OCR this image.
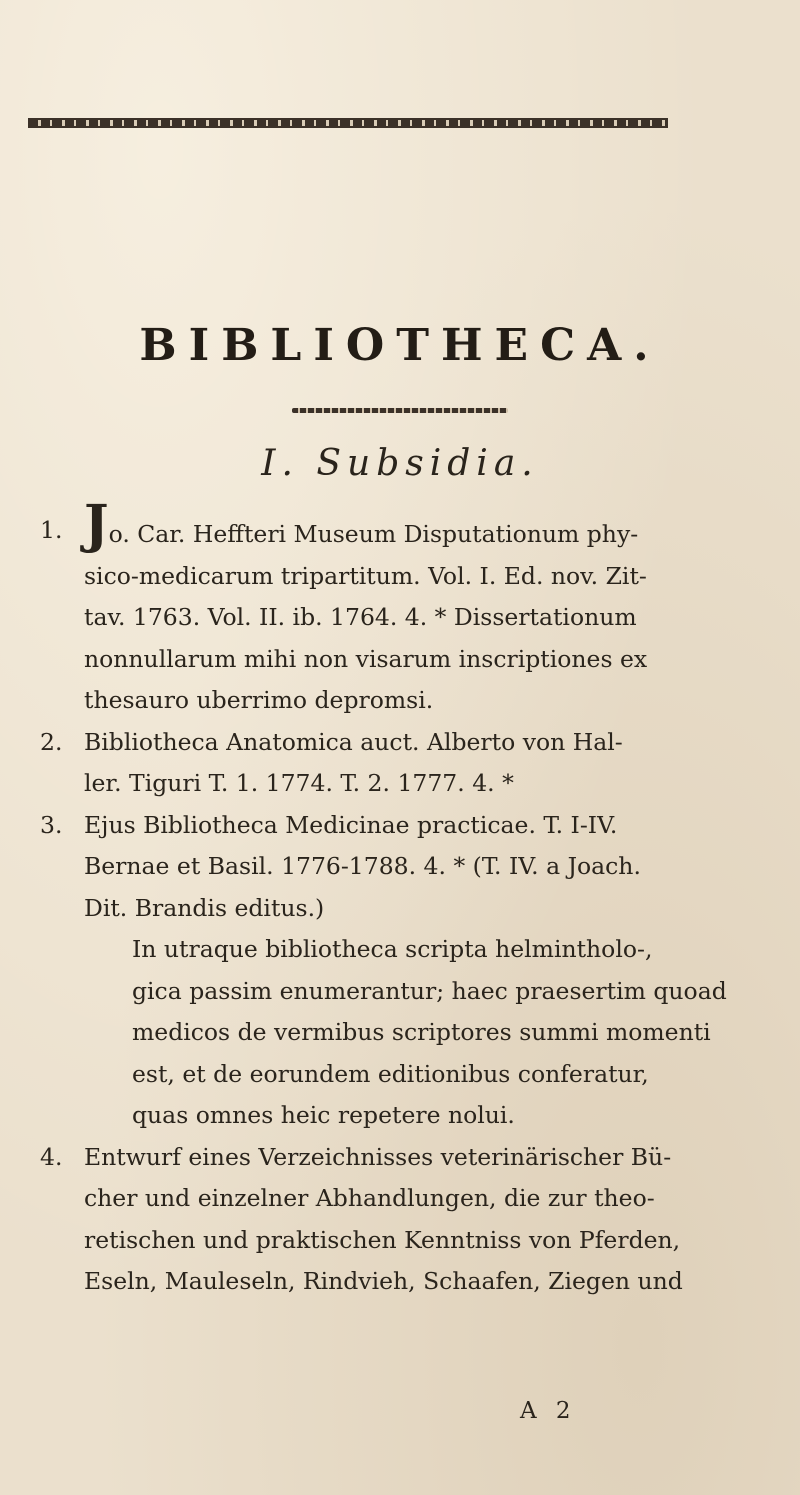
BIBLIOTHECA.
I. Subsidia.
1. Jo. Car. Heffteri Museum Disputationum phy-

sico-medicarum tripartitum. Vol. I. Ed. nov. Zit-

tav. 1763. Vol. II. ib. 1764. 4. * Dissertationum

nonnullarum mihi non visarum inscriptiones ex

thesauro uberrimo depromsi.

2. Bibliotheca Anatomica auct. Alberto von Hal-

ler. Tiguri T. 1. 1774. T. 2. 1777. 4. *

3. Ejus Bibliotheca Medicinae practicae. T. I-IV.

Bernae et Basil. 1776-1788. 4. * (T. IV. a Joach.

Dit. Brandis editus.)

In utraque bibliotheca scripta helmintholo-,

gica passim enumerantur; haec praesertim quoad

medicos de vermibus scriptores summi momenti

est, et de eorundem editionibus conferatur,

quas omnes heic repetere nolui.

4. Entwurf eines Verzeichnisses veterinärischer Bü-

cher und einzelner Abhandlungen, die zur theo-

retischen und praktischen Kenntniss von Pferden,

Eseln, Mauleseln, Rindvieh, Schaafen, Ziegen und

A 2
